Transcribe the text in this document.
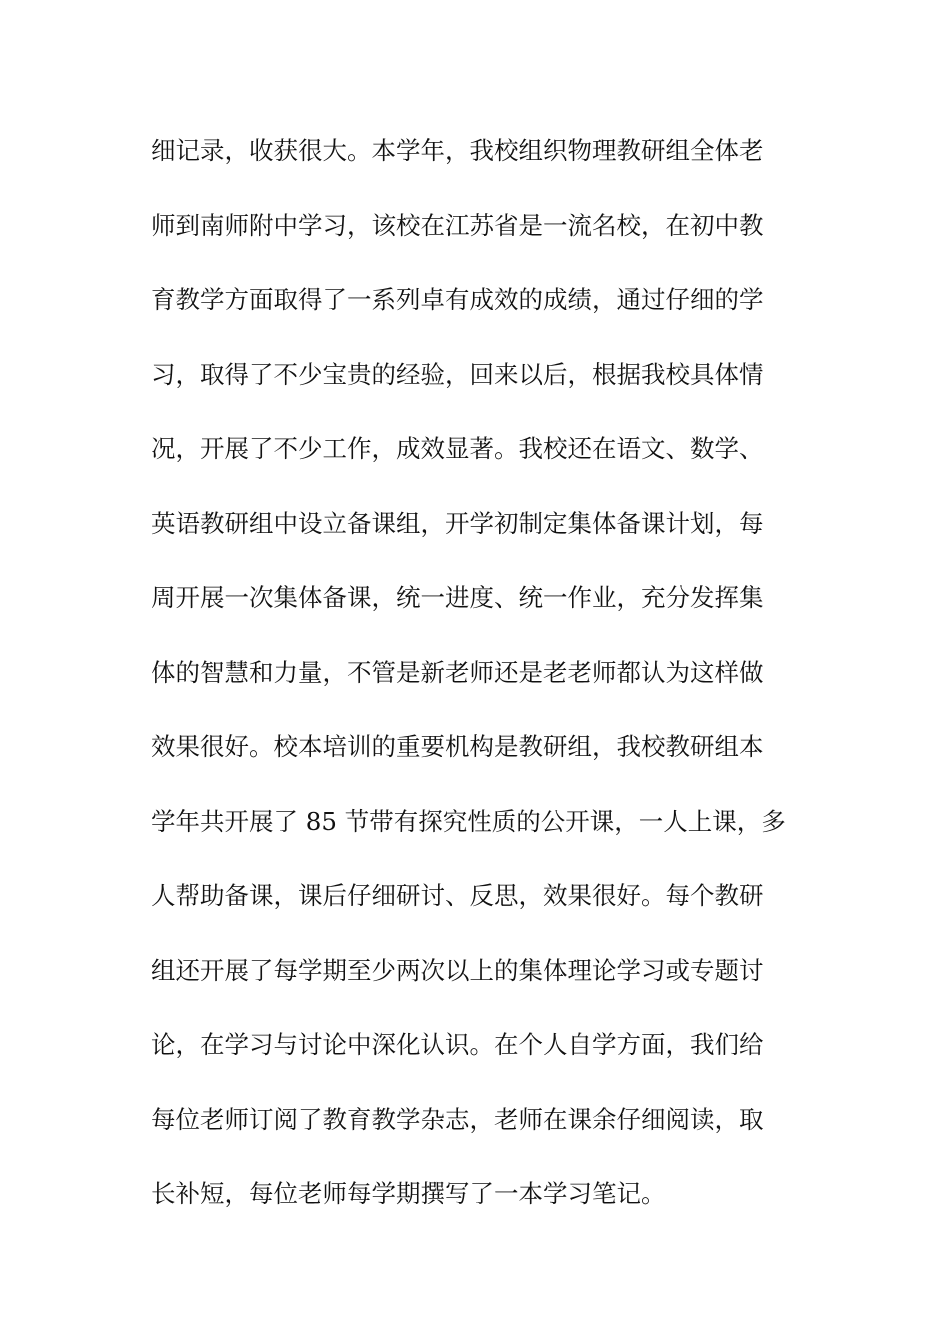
细记录，收获很大。本学年，我校组织物理教研组全体老
师到南师附中学习，该校在江苏省是一流名校，在初中教
育教学方面取得了一系列卓有成效的成绩，通过仔细的学
习，取得了不少宝贵的经验，回来以后，根据我校具体情
况，开展了不少工作，成效显著。我校还在语文、数学、
英语教研组中设立备课组，开学初制定集体备课计划，每
周开展一次集体备课，统一进度、统一作业，充分发挥集
体的智慧和力量，不管是新老师还是老老师都认为这样做
效果很好。校本培训的重要机构是教研组，我校教研组本
学年共开展了 85 节带有探究性质的公开课，一人上课，多
人帮助备课，课后仔细研讨、反思，效果很好。每个教研
组还开展了每学期至少两次以上的集体理论学习或专题讨
论，在学习与讨论中深化认识。在个人自学方面，我们给
每位老师订阅了教育教学杂志，老师在课余仔细阅读，取
长补短，每位老师每学期撰写了一本学习笔记。
